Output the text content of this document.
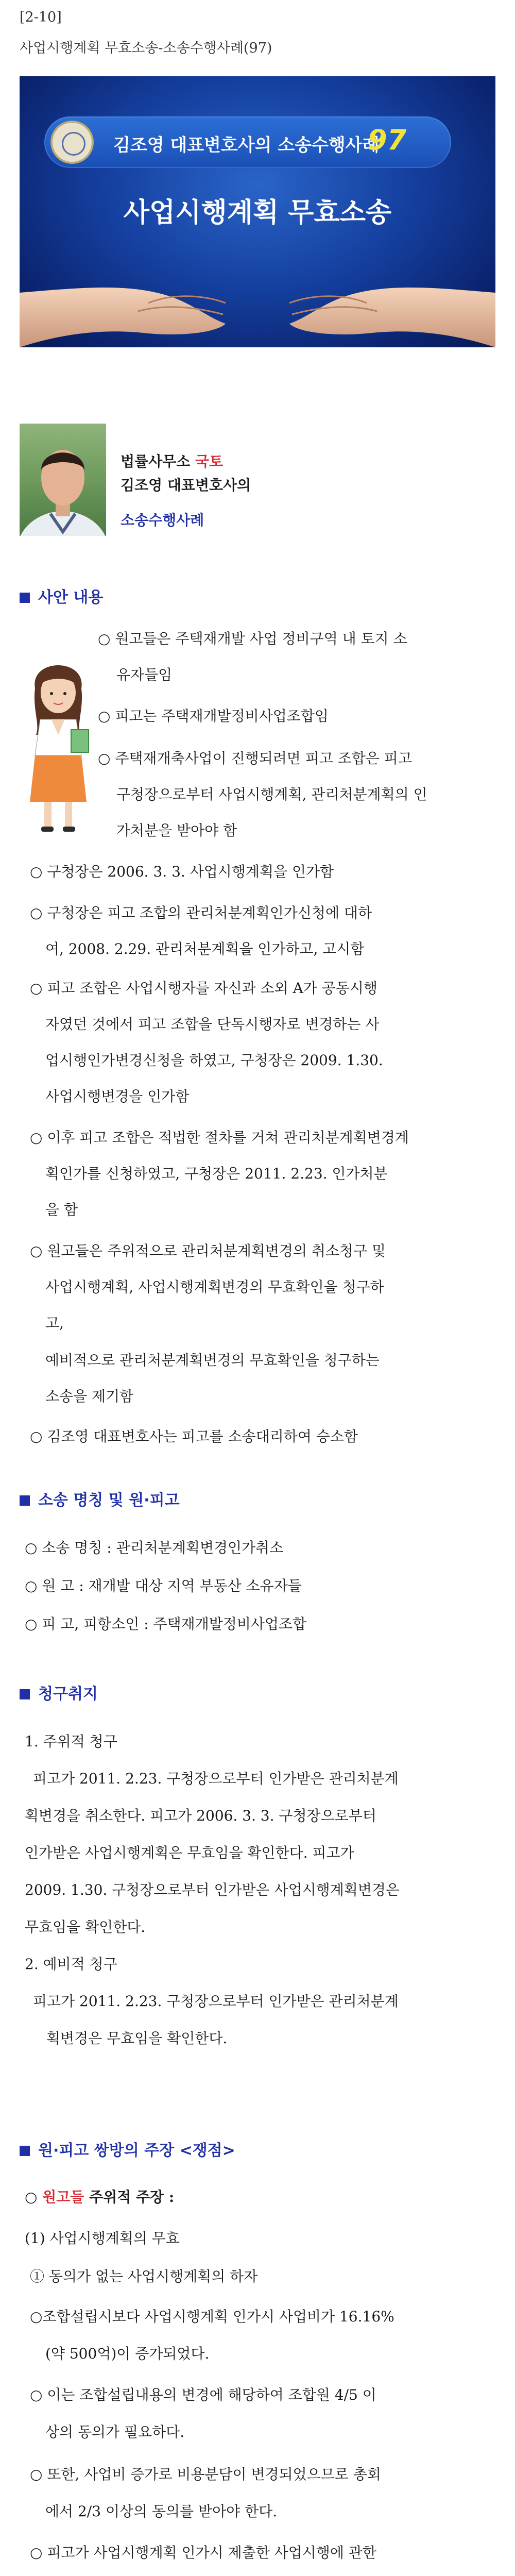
[2-10]
사업시행계획 무효소송-소송수행사례(97)
김조영 대표변호사의 소송수행사례
97
사업시행계획 무효소송
법률사무소 국토
김조영 대표변호사의
소송수행사례
사안 내용
○ 원고들은 주택재개발 사업 정비구역 내 토지 소
유자들임
○ 피고는 주택재개발정비사업조합임
○ 주택재개축사업이 진행되려면 피고 조합은 피고
구청장으로부터 사업시행계획, 관리처분계획의 인
가처분을 받아야 함
○ 구청장은 2006. 3. 3. 사업시행계획을 인가함
○ 구청장은 피고 조합의 관리처분계획인가신청에 대하
여, 2008. 2.29. 관리처분계획을 인가하고, 고시함
○ 피고 조합은 사업시행자를 자신과 소외 A가 공동시행
자였던 것에서 피고 조합을 단독시행자로 변경하는 사
업시행인가변경신청을 하였고, 구청장은 2009. 1.30.
사업시행변경을 인가함
○ 이후 피고 조합은 적법한 절차를 거쳐 관리처분계획변경계
획인가를 신청하였고, 구청장은 2011. 2.23. 인가처분
을 함
○ 원고들은 주위적으로 관리처분계획변경의 취소청구 및
사업시행계획, 사업시행계획변경의 무효확인을 청구하
고,
예비적으로 관리처분계획변경의 무효확인을 청구하는
소송을 제기함
○ 김조영 대표변호사는 피고를 소송대리하여 승소함
소송 명칭 및 원·피고
○ 소송 명칭 : 관리처분계획변경인가취소
○ 원 고 : 재개발 대상 지역 부동산 소유자들
○ 피 고, 피항소인 : 주택재개발정비사업조합
청구취지
1. 주위적 청구
피고가 2011. 2.23. 구청장으로부터 인가받은 관리처분계
획변경을 취소한다. 피고가 2006. 3. 3. 구청장으로부터
인가받은 사업시행계획은 무효임을 확인한다. 피고가
2009. 1.30. 구청장으로부터 인가받은 사업시행계획변경은
무효임을 확인한다.
2. 예비적 청구
피고가 2011. 2.23. 구청장으로부터 인가받은 관리처분계
획변경은 무효임을 확인한다.
원·피고 쌍방의 주장 <쟁점>
○ 원고들 주위적 주장 :
(1) 사업시행계획의 무효
① 동의가 없는 사업시행계획의 하자
○조합설립시보다 사업시행계획 인가시 사업비가 16.16%
(약 500억)이 증가되었다.
○ 이는 조합설립내용의 변경에 해당하여 조합원 4/5 이
상의 동의가 필요하다.
○ 또한, 사업비 증가로 비용분담이 변경되었으므로 총회
에서 2/3 이상의 동의를 받아야 한다.
○ 피고가 사업시행계획 인가시 제출한 사업시행에 관한
